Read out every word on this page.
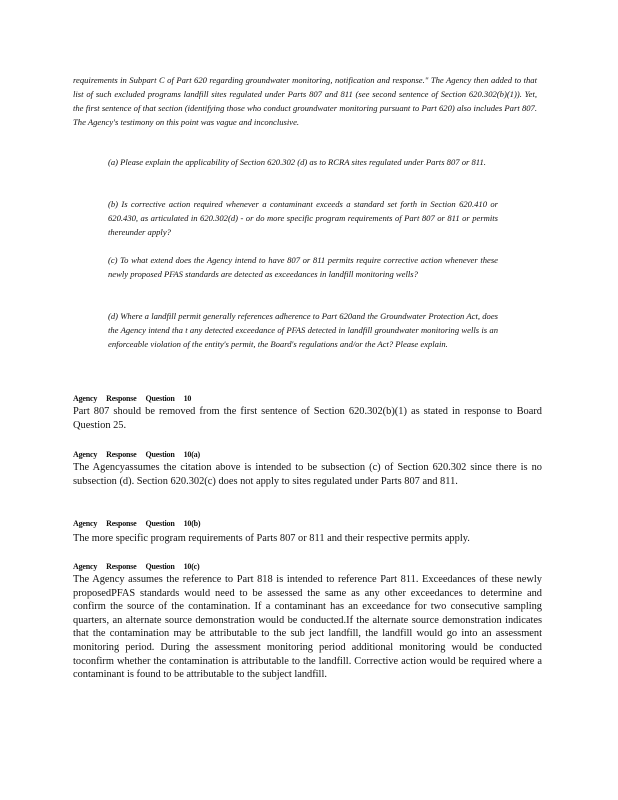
requirements in Subpart C of Part 620 regarding groundwater monitoring, notification and response." The Agency then added to that list of such excluded programs landfill sites regulated under Parts 807 and 811 (see second sentence of Section 620.302(b)(1)). Yet, the first sentence of that section (identifying those who conduct groundwater monitoring pursuant to Part 620) also includes Part 807. The Agency's testimony on this point was vague and inconclusive.

(a) Please explain the applicability of Section 620.302 (d) as to RCRA sites regulated under Parts 807 or 811.

(b) Is corrective action required whenever a contaminant exceeds a standard set forth in Section 620.410 or 620.430, as articulated in 620.302(d) - or do more specific program requirements of Part 807 or 811 or permits thereunder apply?

(c) To what extend does the Agency intend to have 807 or 811 permits require corrective action whenever these newly proposed PFAS standards are detected as exceedances in landfill monitoring wells?

(d) Where a landfill permit generally references adherence to Part 620and the Groundwater Protection Act, does the Agency intend tha t any detected exceedance of PFAS detected in landfill groundwater monitoring wells is an enforceable violation of the entity's permit, the Board's regulations and/or the Act? Please explain.

Agency     Response     Question     10

Part 807 should be removed from the first sentence of Section 620.302(b)(1) as stated in response to Board Question 25.

Agency     Response     Question     10(a)

The Agencyassumes the citation above is intended to be subsection (c) of Section 620.302 since there is no subsection (d). Section 620.302(c) does not apply to sites regulated under Parts 807 and 811.

Agency     Response     Question     10(b)

The more specific program requirements of Parts 807 or 811 and their respective permits apply.

Agency     Response     Question     10(c)

The Agency assumes the reference to Part 818 is intended to reference Part 811. Exceedances of these newly proposedPFAS standards would need to be assessed the same as any other exceedances to determine and confirm the source of the contamination. If a contaminant has an exceedance for two consecutive sampling quarters, an alternate source demonstration would be conducted.If the alternate source demonstration indicates that the contamination may be attributable to the sub ject landfill, the landfill would go into an assessment monitoring period. During the assessment monitoring period additional monitoring would be conducted toconfirm whether the contamination is attributable to the landfill. Corrective action would be required where a contaminant is found to be attributable to the subject landfill.
